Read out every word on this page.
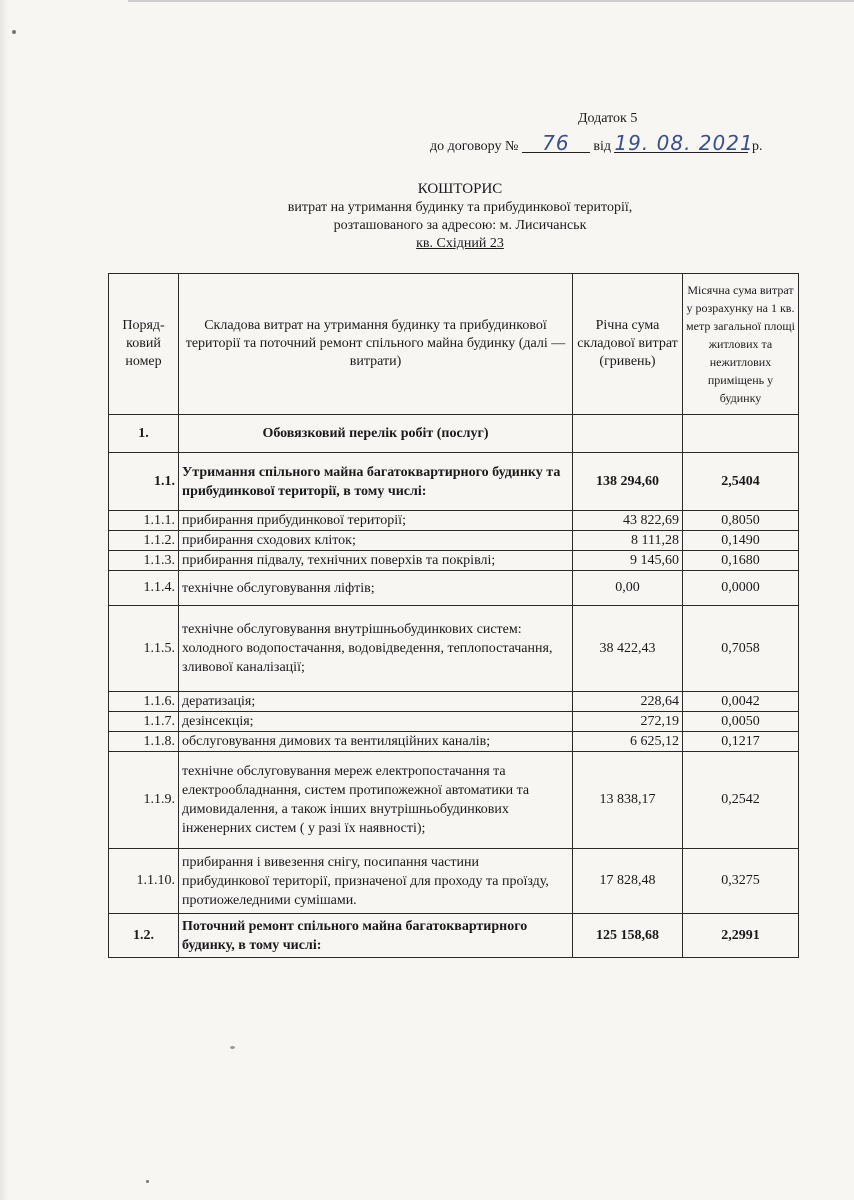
Додаток 5
до договору № 76 від 19. 08. 2021 р.
КОШТОРИС
витрат на утримання будинку та прибудинкової території,
розташованого за адресою: м. Лисичанськ
кв. Східний 23
Поряд-ковий номер	Складова витрат на утримання будинку та прибудинкової території та поточний ремонт спільного майна будинку (далі — витрати)	Річна сума складової витрат (гривень)	Місячна сума витрат у розрахунку на 1 кв. метр загальної площі житлових та нежитлових приміщень у будинку
1.	Обовязковий перелік робіт (послуг)		
1.1.	Утримання спільного майна багатоквартирного будинку та прибудинкової території, в тому числі:	138 294,60	2,5404
1.1.1.	прибирання прибудинкової території;	43 822,69	0,8050
1.1.2.	прибирання сходових кліток;	8 111,28	0,1490
1.1.3.	прибирання підвалу, технічних поверхів та покрівлі;	9 145,60	0,1680
1.1.4.	технічне обслуговування ліфтів;	0,00	0,0000
1.1.5.	технічне обслуговування внутрішньобудинкових систем: холодного водопостачання, водовідведення, теплопостачання, зливової каналізації;	38 422,43	0,7058
1.1.6.	дератизація;	228,64	0,0042
1.1.7.	дезінсекція;	272,19	0,0050
1.1.8.	обслуговування димових та вентиляційних каналів;	6 625,12	0,1217
1.1.9.	технічне обслуговування мереж електропостачання та електрообладнання, систем протипожежної автоматики та димовидалення, а також інших внутрішньобудинкових інженерних систем ( у разі їх наявності);	13 838,17	0,2542
1.1.10.	прибирання і вивезення снігу, посипання частини прибудинкової території, призначеної для проходу та проїзду, протиожеледними сумішами.	17 828,48	0,3275
1.2.	Поточний ремонт спільного майна багатоквартирного будинку, в тому числі:	125 158,68	2,2991
